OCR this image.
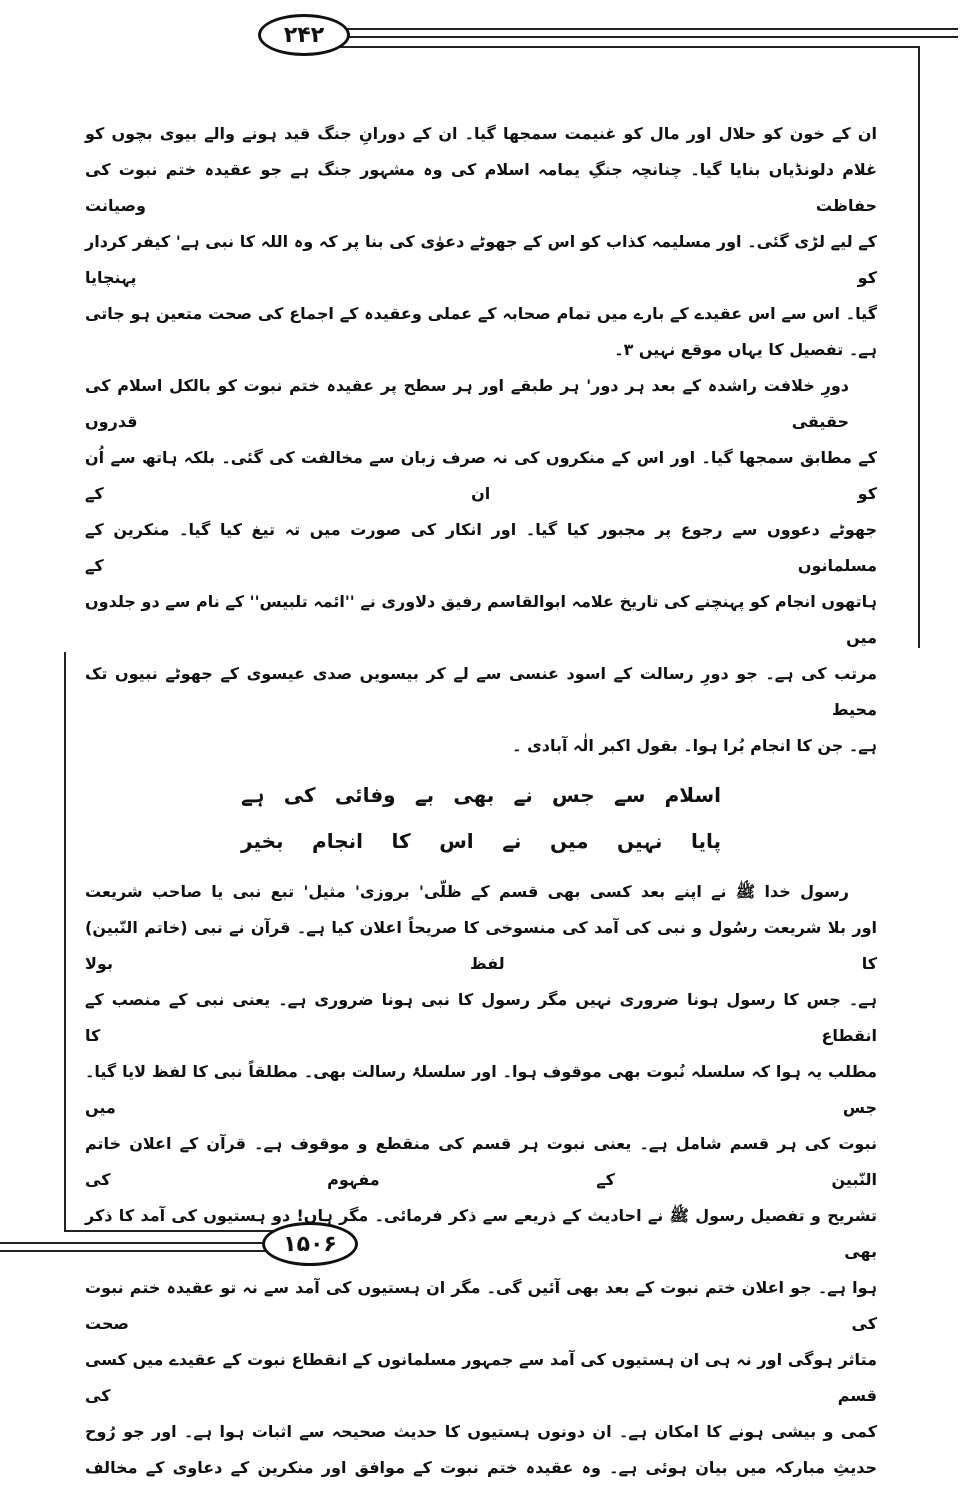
۲۴۲
۱۵۰۶
ان کے خون کو حلال اور مال کو غنیمت سمجھا گیا۔ ان کے دورانِ جنگ قید ہونے والے بیوی بچوں کو
غلام دلونڈیاں بنایا گیا۔ چنانچہ جنگِ یمامہ اسلام کی وہ مشہور جنگ ہے جو عقیدہ ختم نبوت کی حفاظت وصیانت
کے لیے لڑی گئی۔ اور مسلیمہ کذاب کو اس کے جھوٹے دعوٰی کی بنا پر کہ وہ اللہ کا نبی ہے' کیفر کردار کو پہنچایا
گیا۔ اس سے اس عقیدے کے بارے میں تمام صحابہ کے عملی وعقیدہ کے اجماع کی صحت متعین ہو جاتی
ہے۔ تفصیل کا یہاں موقع نہیں ۳۔
دورِ خلافت راشدہ کے بعد ہر دور' ہر طبقے اور ہر سطح پر عقیدہ ختم نبوت کو بالکل اسلام کی حقیقی قدروں
کے مطابق سمجھا گیا۔ اور اس کے منکروں کی نہ صرف زبان سے مخالفت کی گئی۔ بلکہ ہاتھ سے اُن کو ان کے
جھوٹے دعووں سے رجوع پر مجبور کیا گیا۔ اور انکار کی صورت میں تہ تیغ کیا گیا۔ منکرین کے مسلمانوں کے
ہاتھوں انجام کو پہنچنے کی تاریخ علامہ ابوالقاسم رفیق دلاوری نے ''ائمہ تلبیس'' کے نام سے دو جلدوں میں
مرتب کی ہے۔ جو دورِ رسالت کے اسود عنسی سے لے کر بیسویں صدی عیسوی کے جھوٹے نبیوں تک محیط
ہے۔ جن کا انجام بُرا ہوا۔ بقول اکبر الٰہ آبادی ۔
اسلام سے جس نے بھی بے وفائی کی ہے
پایا نہیں میں نے اس کا انجام بخیر
رسول خدا ﷺ نے اپنے بعد کسی بھی قسم کے ظلّی' بروزی' مثیل' تبع نبی یا صاحب شریعت
اور بلا شریعت رسُول و نبی کی آمد کی منسوخی کا صریحاً اعلان کیا ہے۔ قرآن نے نبی (خاتم النّبین) کا لفظ بولا
ہے۔ جس کا رسول ہونا ضروری نہیں مگر رسول کا نبی ہونا ضروری ہے۔ یعنی نبی کے منصب کے انقطاع کا
مطلب یہ ہوا کہ سلسلہ نُبوت بھی موقوف ہوا۔ اور سلسلۂ رسالت بھی۔ مطلقاً نبی کا لفظ لایا گیا۔ جس میں
نبوت کی ہر قسم شامل ہے۔ یعنی نبوت ہر قسم کی منقطع و موقوف ہے۔ قرآن کے اعلان خاتم النّبین کے مفہوم کی
تشریح و تفصیل رسول ﷺ نے احادیث کے ذریعے سے ذکر فرمائی۔ مگر ہاں! دو ہستیوں کی آمد کا ذکر بھی
ہوا ہے۔ جو اعلان ختم نبوت کے بعد بھی آئیں گی۔ مگر ان ہستیوں کی آمد سے نہ تو عقیدہ ختم نبوت کی صحت
متاثر ہوگی اور نہ ہی ان ہستیوں کی آمد سے جمہور مسلمانوں کے انقطاع نبوت کے عقیدے میں کسی قسم کی
کمی و بیشی ہونے کا امکان ہے۔ ان دونوں ہستیوں کا حدیث صحیحہ سے اثبات ہوا ہے۔ اور جو رُوح
حدیثِ مبارکہ میں بیان ہوئی ہے۔ وہ عقیدہ ختم نبوت کے موافق اور منکرین کے دعاوی کے مخالف
